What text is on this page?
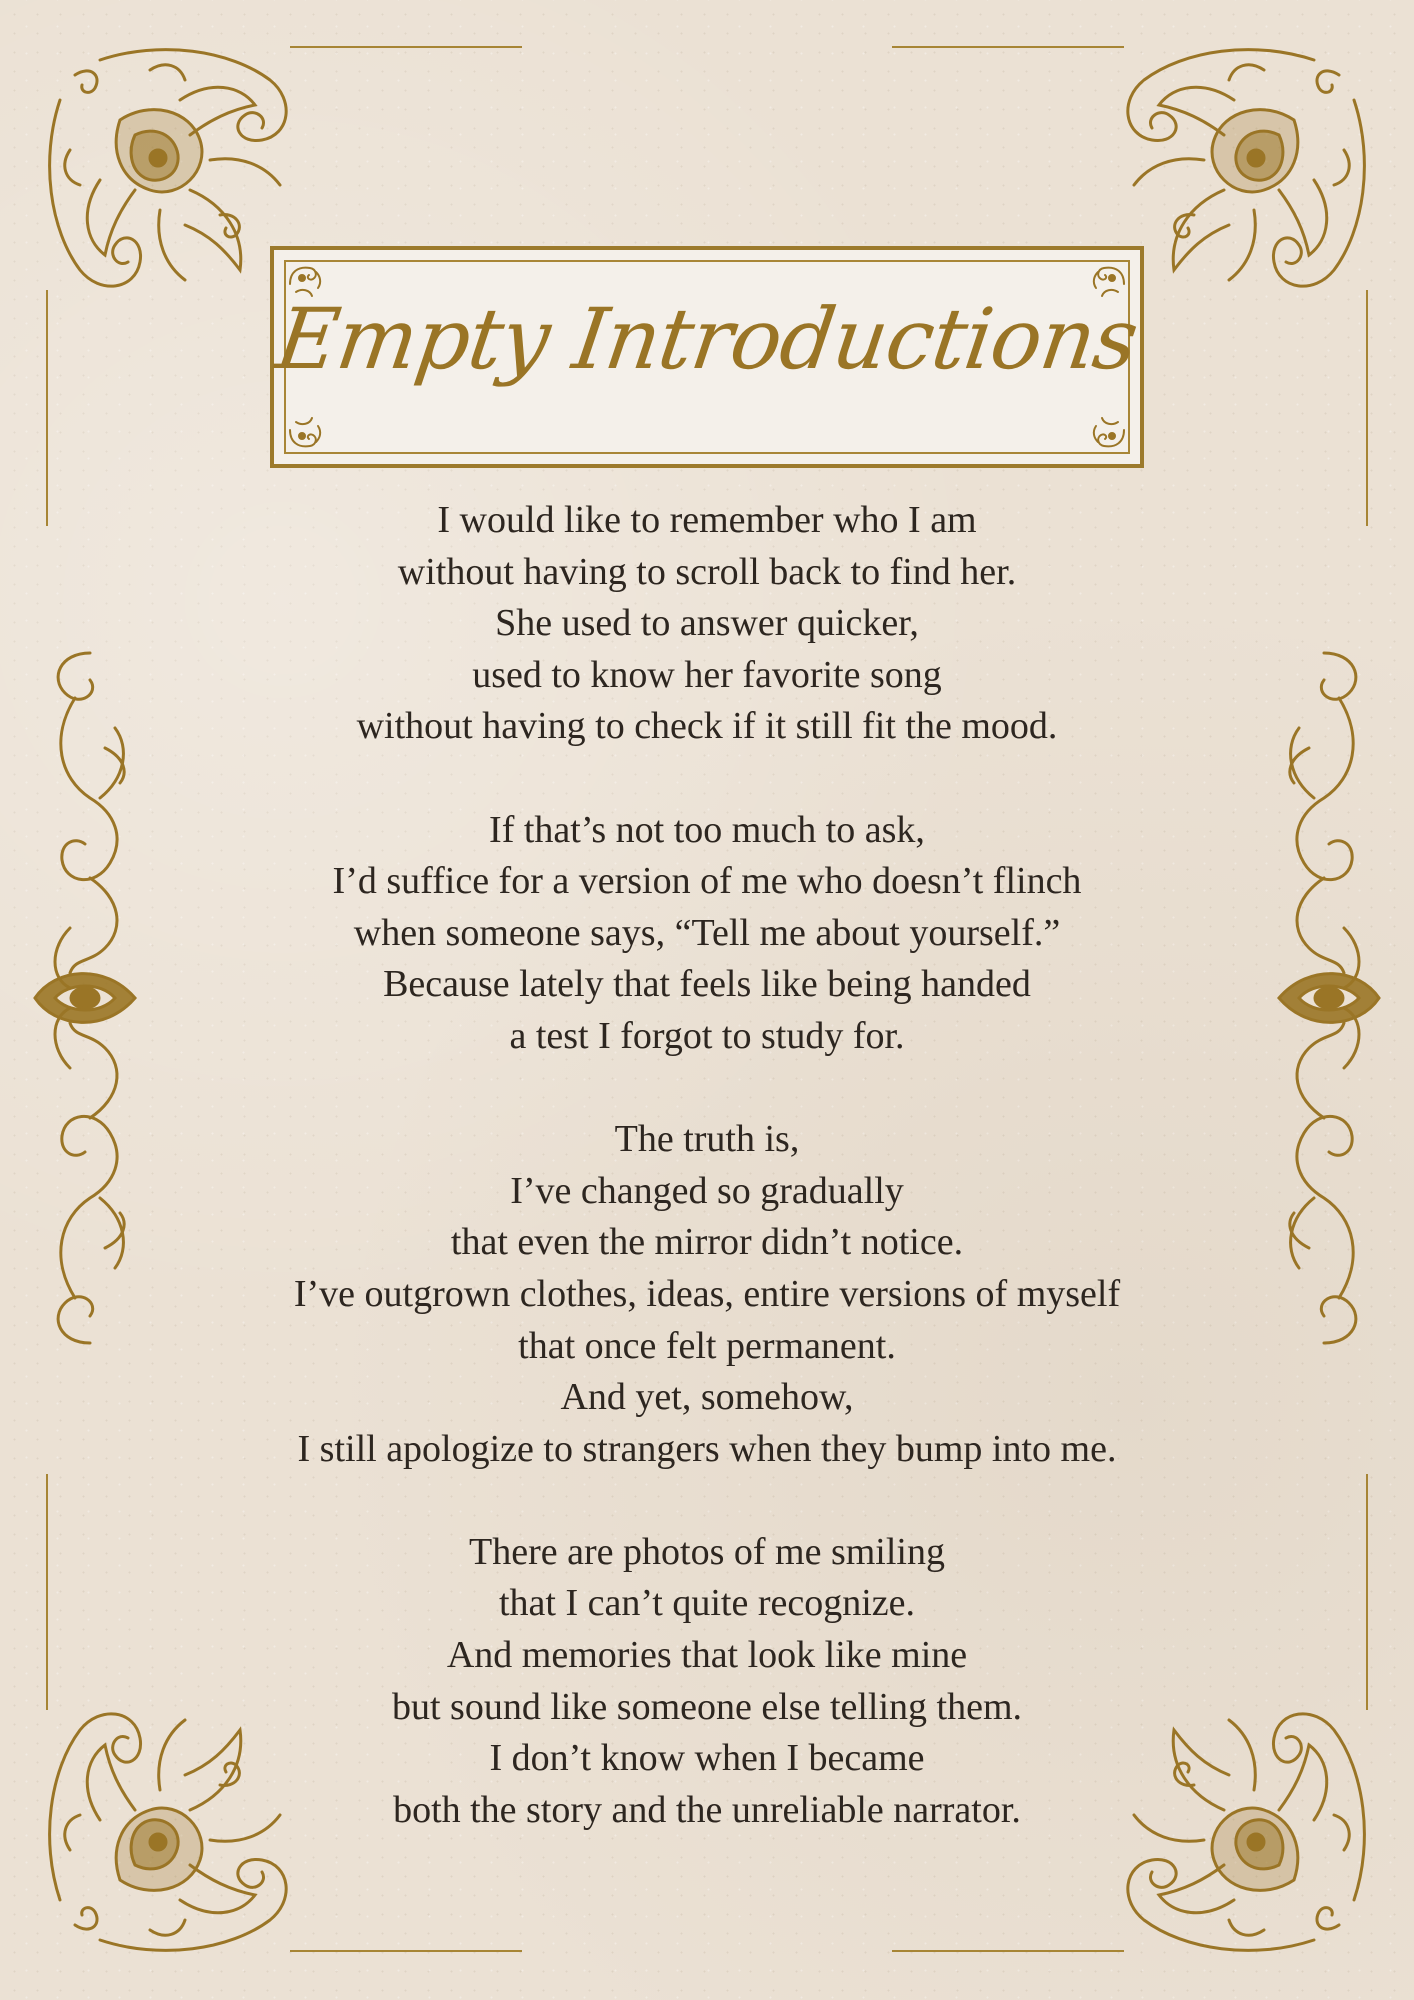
Empty Introductions
I would like to remember who I am
without having to scroll back to find her.
She used to answer quicker,
used to know her favorite song
without having to check if it still fit the mood.
If that’s not too much to ask,
I’d suffice for a version of me who doesn’t flinch
when someone says, “Tell me about yourself.”
Because lately that feels like being handed
a test I forgot to study for.
The truth is,
I’ve changed so gradually
that even the mirror didn’t notice.
I’ve outgrown clothes, ideas, entire versions of myself
that once felt permanent.
And yet, somehow,
I still apologize to strangers when they bump into me.
There are photos of me smiling
that I can’t quite recognize.
And memories that look like mine
but sound like someone else telling them.
I don’t know when I became
both the story and the unreliable narrator.
